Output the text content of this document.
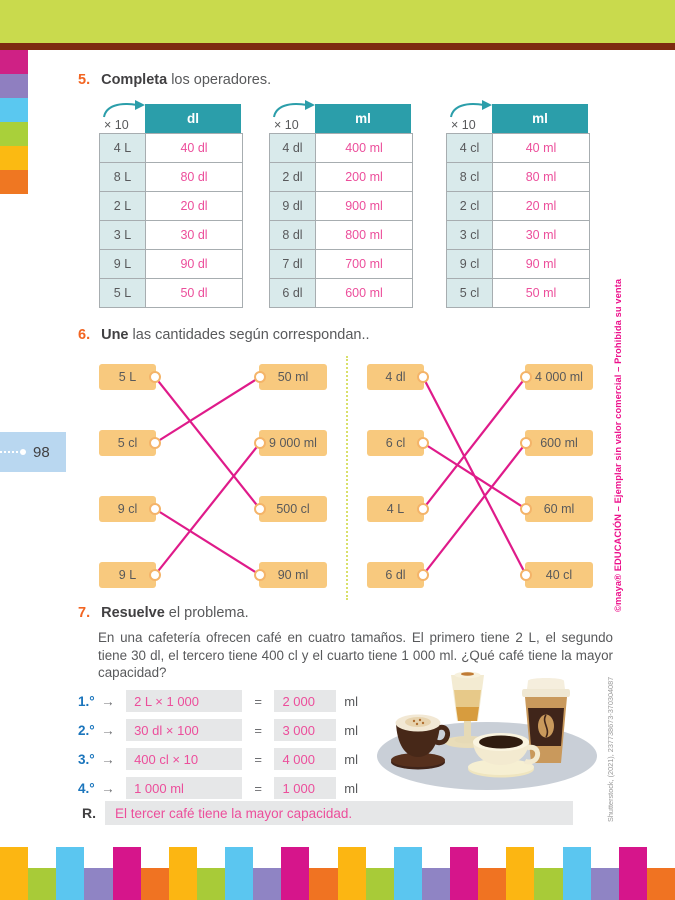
98
©maya® EDUCACIÓN – Ejemplar sin valor comercial – Prohibida su venta
Shutterstock, (2021), 237738673-370304087
5. Completa los operadores.
× 10	dl
4 L	40 dl
8 L	80 dl
2 L	20 dl
3 L	30 dl
9 L	90 dl
5 L	50 dl
× 10	ml
4 dl	400 ml
2 dl	200 ml
9 dl	900 ml
8 dl	800 ml
7 dl	700 ml
6 dl	600 ml
× 10	ml
4 cl	40 ml
8 cl	80 ml
2 cl	20 ml
3 cl	30 ml
9 cl	90 ml
5 cl	50 ml
6. Une las cantidades según correspondan..
5 L
5 cl
9 cl
9 L
50 ml
9 000 ml
500 cl
90 ml
4 dl
6 cl
4 L
6 dl
4 000 ml
600 ml
60 ml
40 cl
7. Resuelve el problema.
En una cafetería ofrecen café en cuatro tamaños. El primero tiene 2 L, el segundo tiene 30 dl, el tercero tiene 400 cl y el cuarto tiene 1 000 ml. ¿Qué café tiene la mayor capacidad?
1.° →	2 L × 1 000	=	2 000	ml
2.° →	30 dl × 100	=	3 000	ml
3.° →	400 cl × 10	=	4 000	ml
4.° →	1 000 ml	=	1 000	ml
R.	El tercer café tiene la mayor capacidad.
